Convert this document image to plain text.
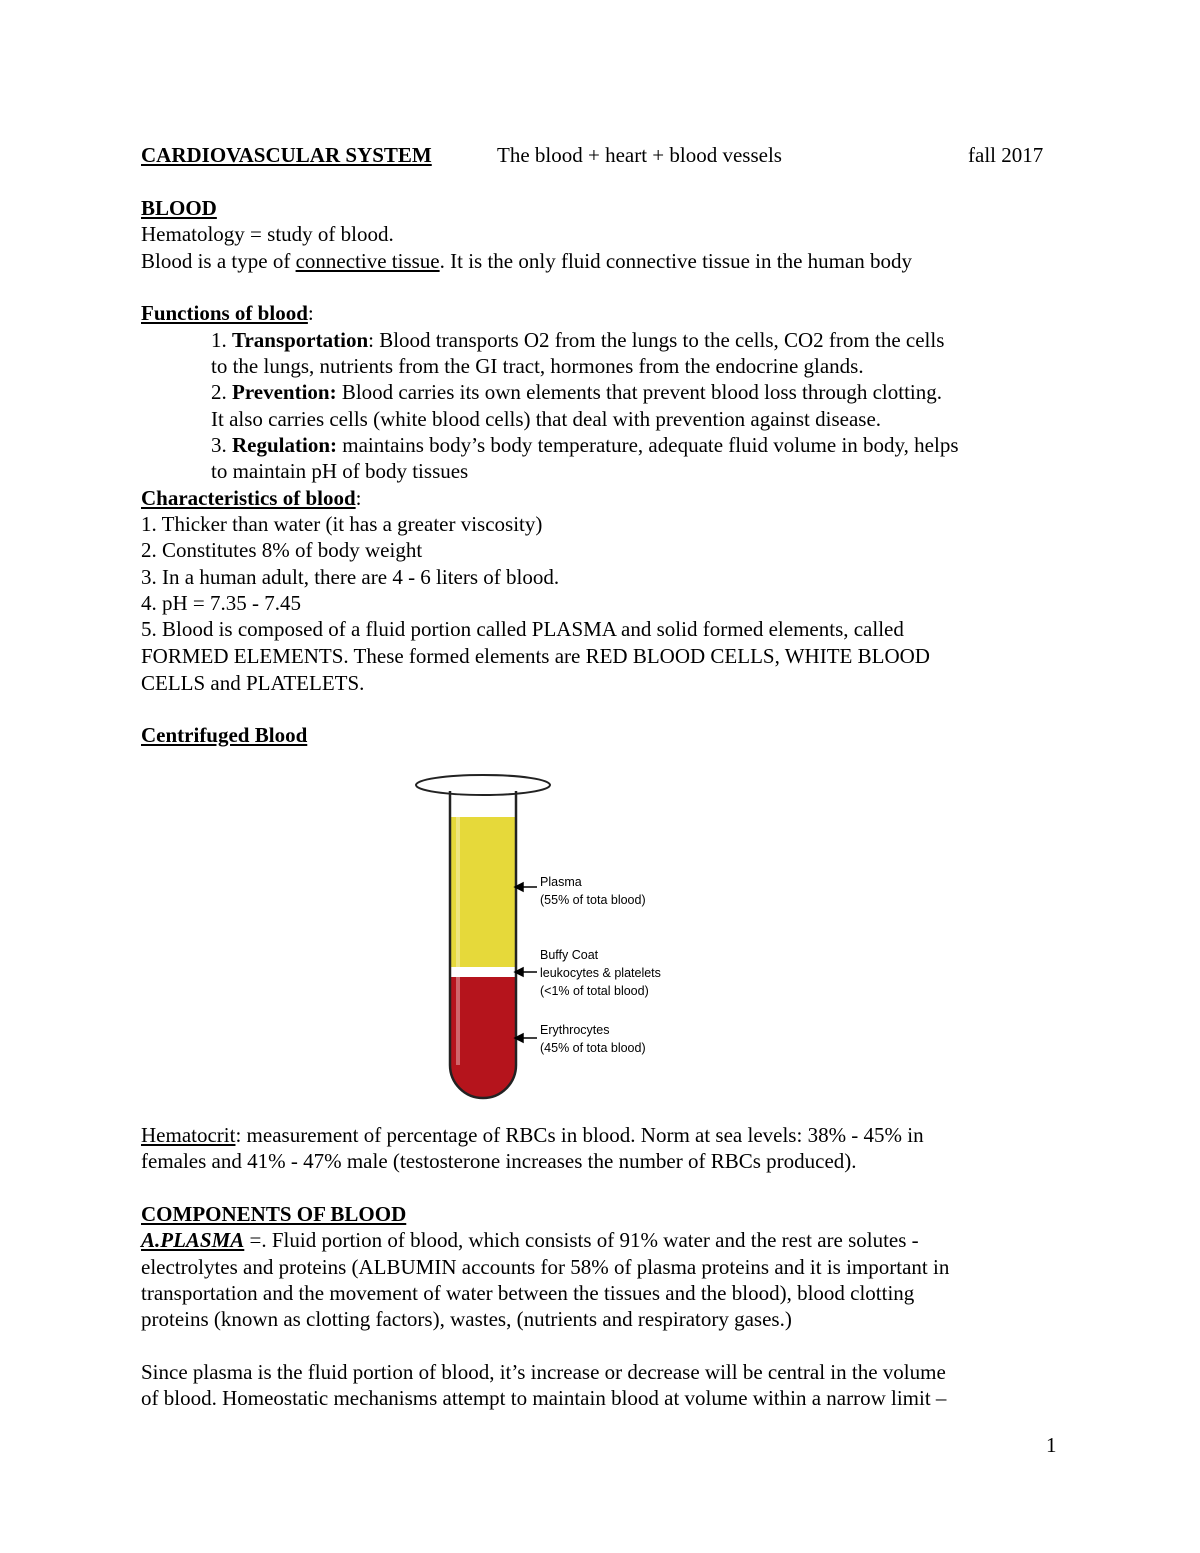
CARDIOVASCULAR SYSTEM	The blood + heart + blood vessels	fall 2017
BLOOD
Hematology = study of blood.
Blood is a type of connective tissue. It is the only fluid connective tissue in the human body
Functions of blood:
1. Transportation: Blood transports O2 from the lungs to the cells, CO2 from the cells
to the lungs, nutrients from the GI tract, hormones from the endocrine glands.
2. Prevention: Blood carries its own elements that prevent blood loss through clotting.
It also carries cells (white blood cells) that deal with prevention against disease.
3. Regulation: maintains body’s body temperature, adequate fluid volume in body, helps
to maintain pH of body tissues
Characteristics of blood:
1. Thicker than water (it has a greater viscosity)
2. Constitutes 8% of body weight
3. In a human adult, there are 4 - 6 liters of blood.
4. pH = 7.35 - 7.45
5. Blood is composed of a fluid portion called PLASMA and solid formed elements, called
FORMED ELEMENTS. These formed elements are RED BLOOD CELLS, WHITE BLOOD
CELLS and PLATELETS.
Centrifuged Blood
Plasma
(55% of tota blood)
Buffy Coat
leukocytes & platelets
(<1% of total blood)
Erythrocytes
(45% of tota blood)
Hematocrit: measurement of percentage of RBCs in blood. Norm at sea levels: 38% - 45% in
females and 41% - 47% male (testosterone increases the number of RBCs produced).
COMPONENTS OF BLOOD
A.PLASMA =. Fluid portion of blood, which consists of 91% water and the rest are solutes -
electrolytes and proteins (ALBUMIN accounts for 58% of plasma proteins and it is important in
transportation and the movement of water between the tissues and the blood), blood clotting
proteins (known as clotting factors), wastes, (nutrients and respiratory gases.)
Since plasma is the fluid portion of blood, it’s increase or decrease will be central in the volume
of blood. Homeostatic mechanisms attempt to maintain blood at volume within a narrow limit –
1
